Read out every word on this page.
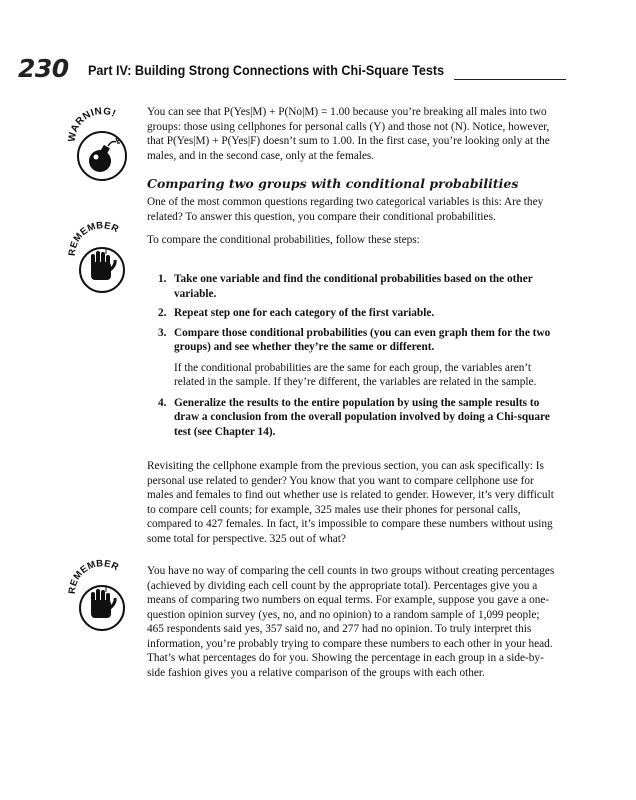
230 Part IV: Building Strong Connections with Chi-Square Tests
WARNING!	You can see that P(Yes|M) + P(No|M) = 1.00 because you’re breaking all males into two groups: those using cellphones for personal calls (Y) and those not (N). Notice, however, that P(Yes|M) + P(Yes|F) doesn’t sum to 1.00. In the first case, you’re looking only at the males, and in the second case, only at the females.

Comparing two groups with conditional probabilities

One of the most common questions regarding two categorical variables is this: Are they related? To answer this question, you compare their conditional probabilities.

To compare the conditional probabilities, follow these steps:

REMEMBER
1. Take one variable and find the conditional probabilities based on the other variable.
2. Repeat step one for each category of the first variable.
3. Compare those conditional probabilities (you can even graph them for the two groups) and see whether they’re the same or different.
If the conditional probabilities are the same for each group, the variables aren’t related in the sample. If they’re different, the variables are related in the sample.
4. Generalize the results to the entire population by using the sample results to draw a conclusion from the overall population involved by doing a Chi-square test (see Chapter 14).

Revisiting the cellphone example from the previous section, you can ask specifically: Is personal use related to gender? You know that you want to compare cellphone use for males and females to find out whether use is related to gender. However, it’s very difficult to compare cell counts; for example, 325 males use their phones for personal calls, compared to 427 females. In fact, it’s impossible to compare these numbers without using some total for perspective. 325 out of what?

REMEMBER You have no way of comparing the cell counts in two groups without creating percentages (achieved by dividing each cell count by the appropriate total). Percentages give you a means of comparing two numbers on equal terms. For example, suppose you gave a one-question opinion survey (yes, no, and no opinion) to a random sample of 1,099 people; 465 respondents said yes, 357 said no, and 277 had no opinion. To truly interpret this information, you’re probably trying to compare these numbers to each other in your head. That’s what percentages do for you. Showing the percentage in each group in a side-by-side fashion gives you a relative comparison of the groups with each other.
